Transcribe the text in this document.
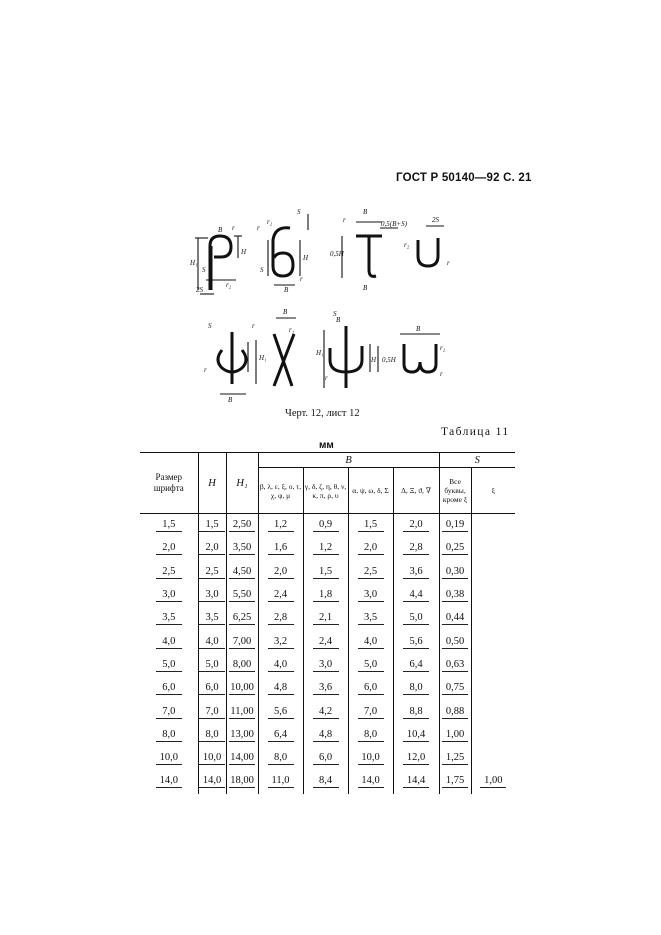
ГОСТ Р 50140—92 С. 21
H₁
H
B r
S
2S
r₂
r
r₂
S
H
B
S
r
B
0,5(B+S)
r
0,5H
B
2S
r₂
r
S	r
H₁
B
r
B
r₁
B
S
H₁
H 0,5H
r
B
r₂
r
Черт. 12, лист 12
Таблица 11
мм
Размер шрифта	H	H₁	B				S	
			β, λ, ε, ξ, o, τ, χ, φ, μ	γ, δ, ζ, η, θ, ν, κ, π, ρ, υ	α, ψ, ω, δ, Σ	Δ, Ξ, ϑ, ∇	Все буквы, кроме ξ	ξ
1,5	1,5	2,50	1,2	0,9	1,5	2,0	0,19	
2,0	2,0	3,50	1,6	1,2	2,0	2,8	0,25	
2,5	2,5	4,50	2,0	1,5	2,5	3,6	0,30	
3,0	3,0	5,50	2,4	1,8	3,0	4,4	0,38	
3,5	3,5	6,25	2,8	2,1	3,5	5,0	0,44	
4,0	4,0	7,00	3,2	2,4	4,0	5,6	0,50	
5,0	5,0	8,00	4,0	3,0	5,0	6,4	0,63	
6,0	6,0	10,00	4,8	3,6	6,0	8,0	0,75	
7,0	7,0	11,00	5,6	4,2	7,0	8,8	0,88	
8,0	8,0	13,00	6,4	4,8	8,0	10,4	1,00	
10,0	10,0	14,00	8,0	6,0	10,0	12,0	1,25	
14,0	14,0	18,00	11,0	8,4	14,0	14,4	1,75	1,00
